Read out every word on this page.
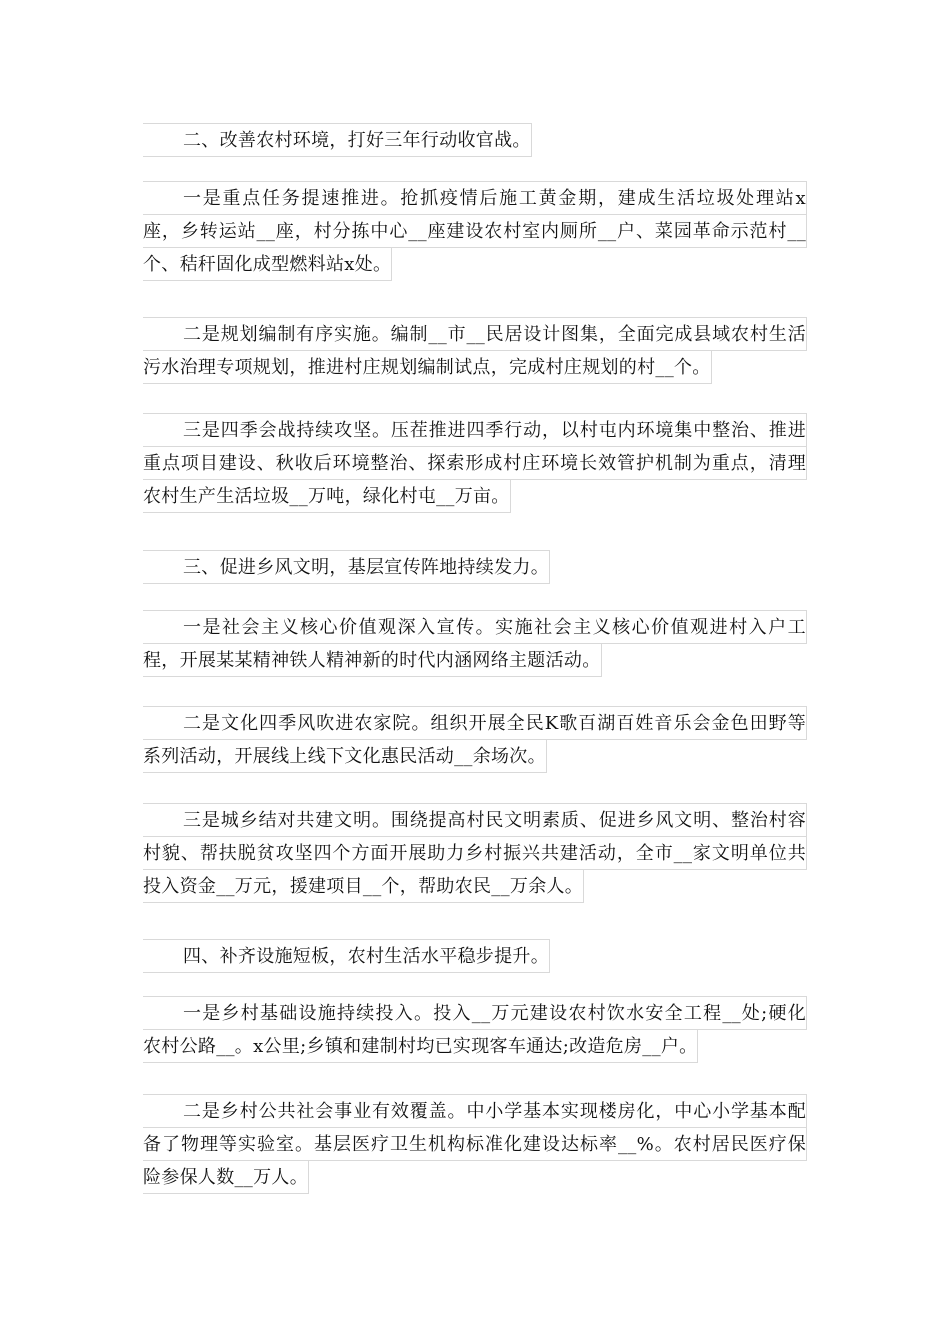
二、改善农村环境，打好三年行动收官战。
一是重点任务提速推进。抢抓疫情后施工黄金期，建成生活垃圾处理站x
座，乡转运站__座，村分拣中心__座建设农村室内厕所__户、菜园革命示范村__
个、秸秆固化成型燃料站x处。
二是规划编制有序实施。编制__市__民居设计图集，全面完成县域农村生活
污水治理专项规划，推进村庄规划编制试点，完成村庄规划的村__个。
三是四季会战持续攻坚。压茬推进四季行动，以村屯内环境集中整治、推进
重点项目建设、秋收后环境整治、探索形成村庄环境长效管护机制为重点，清理
农村生产生活垃圾__万吨，绿化村屯__万亩。
三、促进乡风文明，基层宣传阵地持续发力。
一是社会主义核心价值观深入宣传。实施社会主义核心价值观进村入户工
程，开展某某精神铁人精神新的时代内涵网络主题活动。
二是文化四季风吹进农家院。组织开展全民K歌百湖百姓音乐会金色田野等
系列活动，开展线上线下文化惠民活动__余场次。
三是城乡结对共建文明。围绕提高村民文明素质、促进乡风文明、整治村容
村貌、帮扶脱贫攻坚四个方面开展助力乡村振兴共建活动，全市__家文明单位共
投入资金__万元，援建项目__个，帮助农民__万余人。
四、补齐设施短板，农村生活水平稳步提升。
一是乡村基础设施持续投入。投入__万元建设农村饮水安全工程__处;硬化
农村公路__。x公里;乡镇和建制村均已实现客车通达;改造危房__户。
二是乡村公共社会事业有效覆盖。中小学基本实现楼房化，中心小学基本配
备了物理等实验室。基层医疗卫生机构标准化建设达标率__%。农村居民医疗保
险参保人数__万人。
